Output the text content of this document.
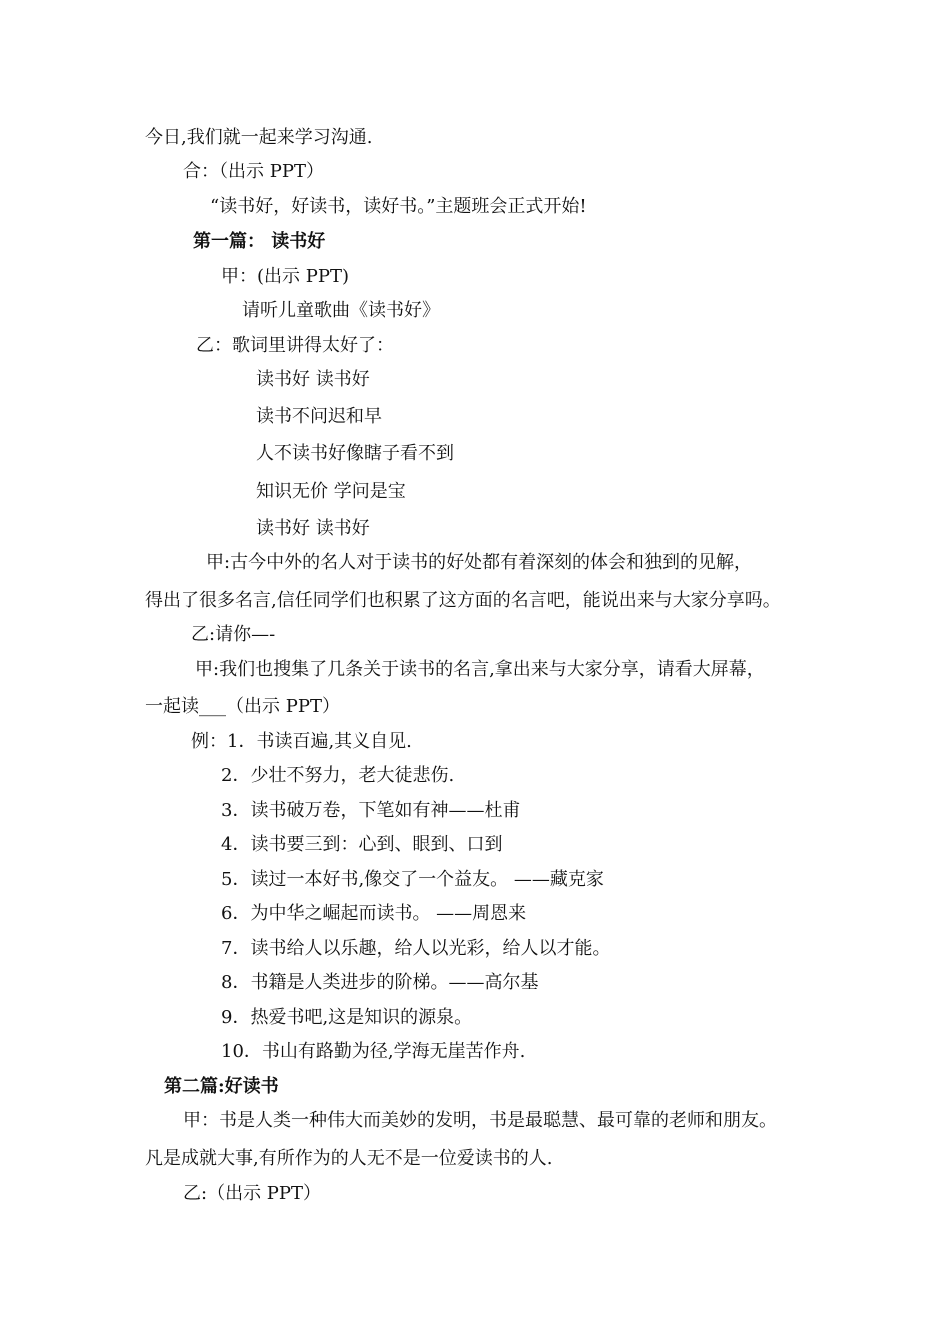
今日,我们就一起来学习沟通.
合：（出示 PPT）
“读书好，好读书，读好书。”主题班会正式开始!
第一篇： 读书好
甲：(出示 PPT)
请听儿童歌曲《读书好》
乙：歌词里讲得太好了：
读书好 读书好
读书不问迟和早
人不读书好像瞎子看不到
知识无价 学问是宝
读书好 读书好
甲:古今中外的名人对于读书的好处都有着深刻的体会和独到的见解，
得出了很多名言,信任同学们也积累了这方面的名言吧，能说出来与大家分享吗。
乙:请你—-
甲:我们也搜集了几条关于读书的名言,拿出来与大家分享，请看大屏幕，
一起读___（出示 PPT）
例：1．书读百遍,其义自见.
2．少壮不努力，老大徒悲伤.
3．读书破万卷，下笔如有神——杜甫
4．读书要三到：心到、眼到、口到
5．读过一本好书,像交了一个益友。 ——藏克家
6．为中华之崛起而读书。 ——周恩来
7．读书给人以乐趣，给人以光彩，给人以才能。
8．书籍是人类进步的阶梯。——高尔基
9．热爱书吧,这是知识的源泉。
10．书山有路勤为径,学海无崖苦作舟.
第二篇:好读书
甲：书是人类一种伟大而美妙的发明，书是最聪慧、最可靠的老师和朋友。
凡是成就大事,有所作为的人无不是一位爱读书的人.
乙:（出示 PPT）
